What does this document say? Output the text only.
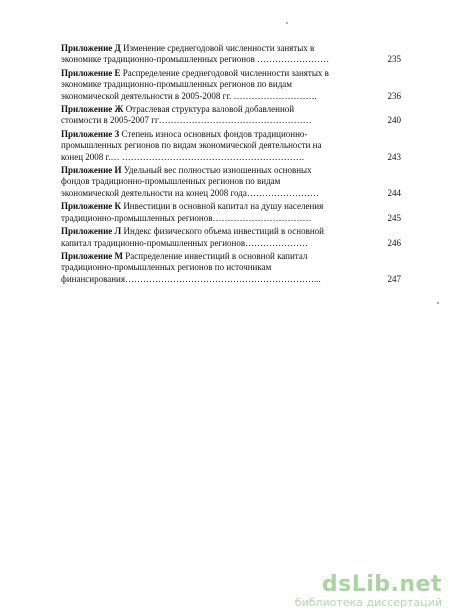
Приложение Д Изменение среднегодовой численности занятых в
экономике традиционно-промышленных регионов ……………………	235
Приложение Е Распределение среднегодовой численности занятых в
экономике традиционно-промышленных регионов по видам
экономической деятельности в 2005-2008 гг. ……………………….	236
Приложение Ж Отраслевая структура валовой добавленной
стоимости в 2005-2007 гг……………………………………………	240
Приложение З Степень износа основных фондов традиционно-
промышленных регионов по видам экономической деятельности на
конец 2008 г.… …………………………………………………….	243
Приложение И Удельный вес полностью изношенных основных
фондов традиционно-промышленных регионов по видам
экономической деятельности на конец 2008 года……………………	244
Приложение К Инвестиции в основной капитал на душу населения
традиционно-промышленных регионов……………………………	245
Приложение Л Индекс физического объема инвестиций в основной
капитал традиционно-промышленных регионов…………………	246
Приложение М Распределение инвестиций в основной капитал
традиционно-промышленных регионов по источникам
финансирования………………………………………………………...	247
dsLib.net
библиотека диссертаций
